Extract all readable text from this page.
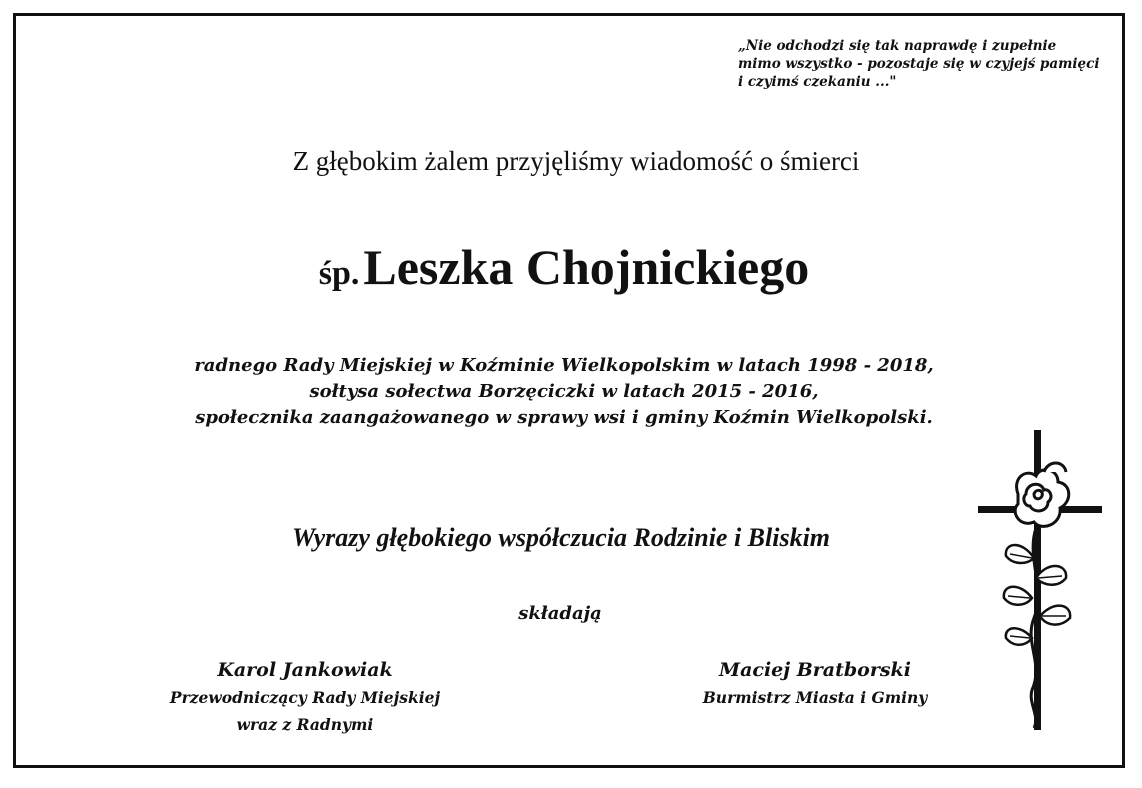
„Nie odchodzi się tak naprawdę i zupełnie
mimo wszystko - pozostaje się w czyjejś pamięci
i czyimś czekaniu ..."
Z głębokim żalem przyjęliśmy wiadomość o śmierci
śp. Leszka Chojnickiego
radnego Rady Miejskiej w Koźminie Wielkopolskim w latach 1998 - 2018,
sołtysa sołectwa Borzęciczki w latach 2015 - 2016,
społecznika zaangażowanego w sprawy wsi i gminy Koźmin Wielkopolski.
Wyrazy głębokiego współczucia Rodzinie i Bliskim
składają
Karol Jankowiak
Przewodniczący Rady Miejskiej
wraz z Radnymi
Maciej Bratborski
Burmistrz Miasta i Gminy
